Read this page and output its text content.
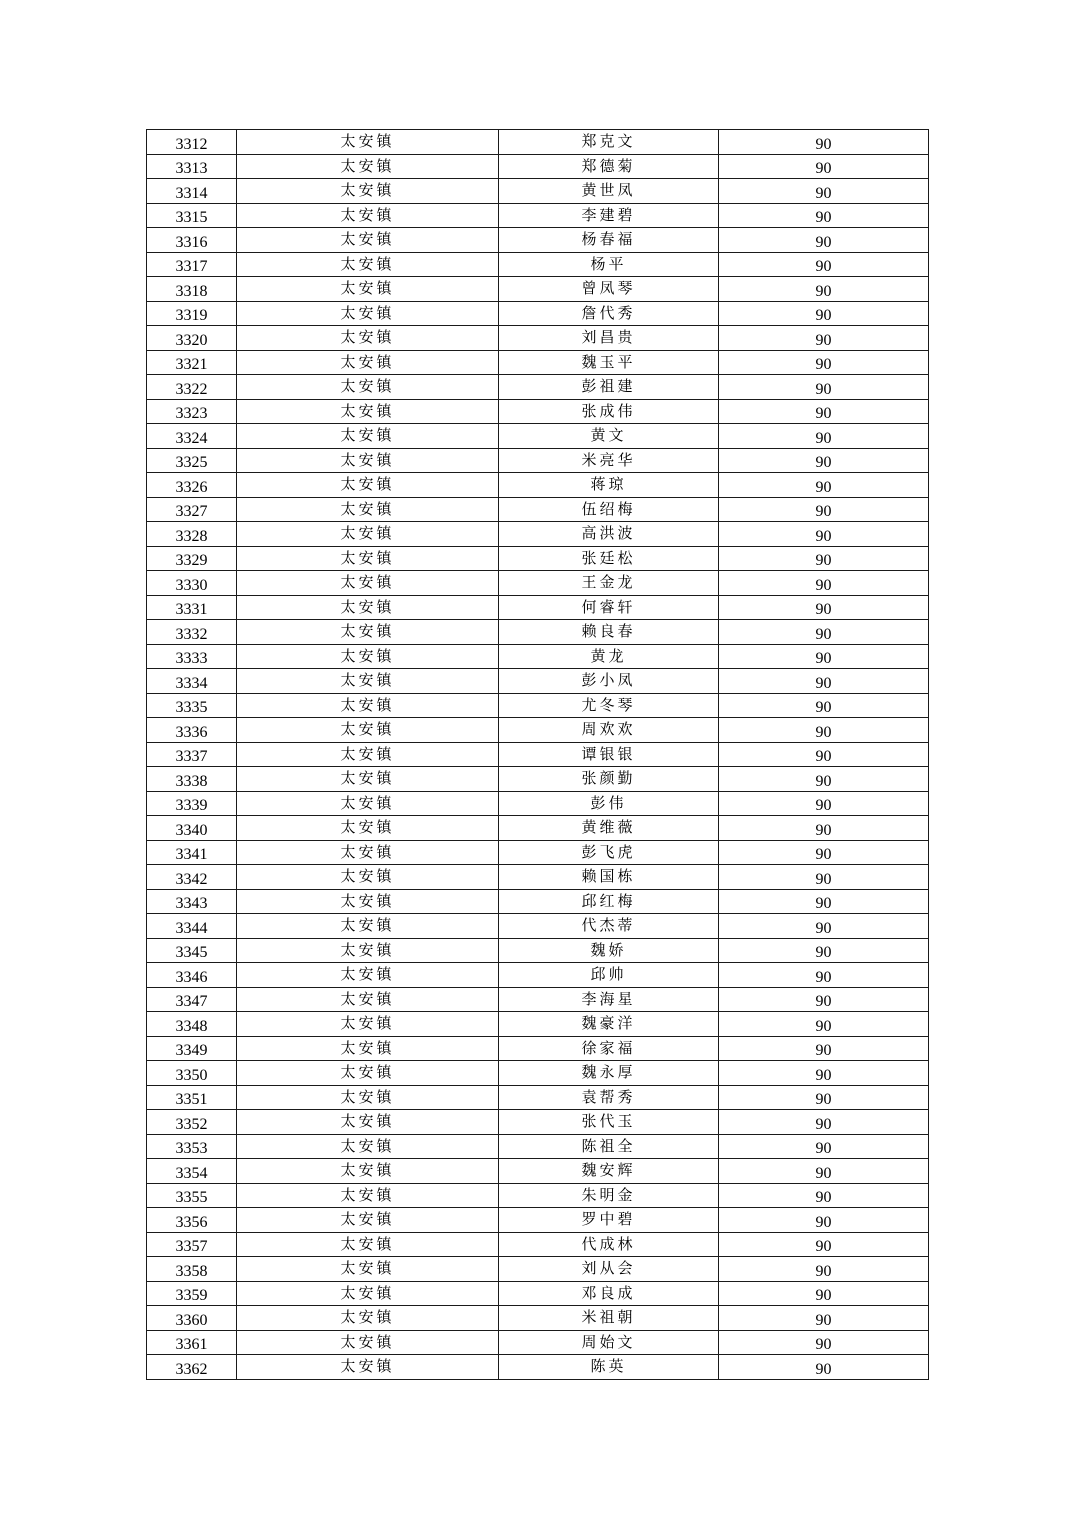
3312	太安镇	郑克文	90
3313	太安镇	郑德菊	90
3314	太安镇	黄世凤	90
3315	太安镇	李建碧	90
3316	太安镇	杨春福	90
3317	太安镇	杨平	90
3318	太安镇	曾凤琴	90
3319	太安镇	詹代秀	90
3320	太安镇	刘昌贵	90
3321	太安镇	魏玉平	90
3322	太安镇	彭祖建	90
3323	太安镇	张成伟	90
3324	太安镇	黄文	90
3325	太安镇	米亮华	90
3326	太安镇	蒋琼	90
3327	太安镇	伍绍梅	90
3328	太安镇	高洪波	90
3329	太安镇	张廷松	90
3330	太安镇	王金龙	90
3331	太安镇	何睿轩	90
3332	太安镇	赖良春	90
3333	太安镇	黄龙	90
3334	太安镇	彭小凤	90
3335	太安镇	尤冬琴	90
3336	太安镇	周欢欢	90
3337	太安镇	谭银银	90
3338	太安镇	张颜勤	90
3339	太安镇	彭伟	90
3340	太安镇	黄维薇	90
3341	太安镇	彭飞虎	90
3342	太安镇	赖国栋	90
3343	太安镇	邱红梅	90
3344	太安镇	代杰蒂	90
3345	太安镇	魏娇	90
3346	太安镇	邱帅	90
3347	太安镇	李海星	90
3348	太安镇	魏豪洋	90
3349	太安镇	徐家福	90
3350	太安镇	魏永厚	90
3351	太安镇	袁帮秀	90
3352	太安镇	张代玉	90
3353	太安镇	陈祖全	90
3354	太安镇	魏安辉	90
3355	太安镇	朱明金	90
3356	太安镇	罗中碧	90
3357	太安镇	代成林	90
3358	太安镇	刘从会	90
3359	太安镇	邓良成	90
3360	太安镇	米祖朝	90
3361	太安镇	周始文	90
3362	太安镇	陈英	90
